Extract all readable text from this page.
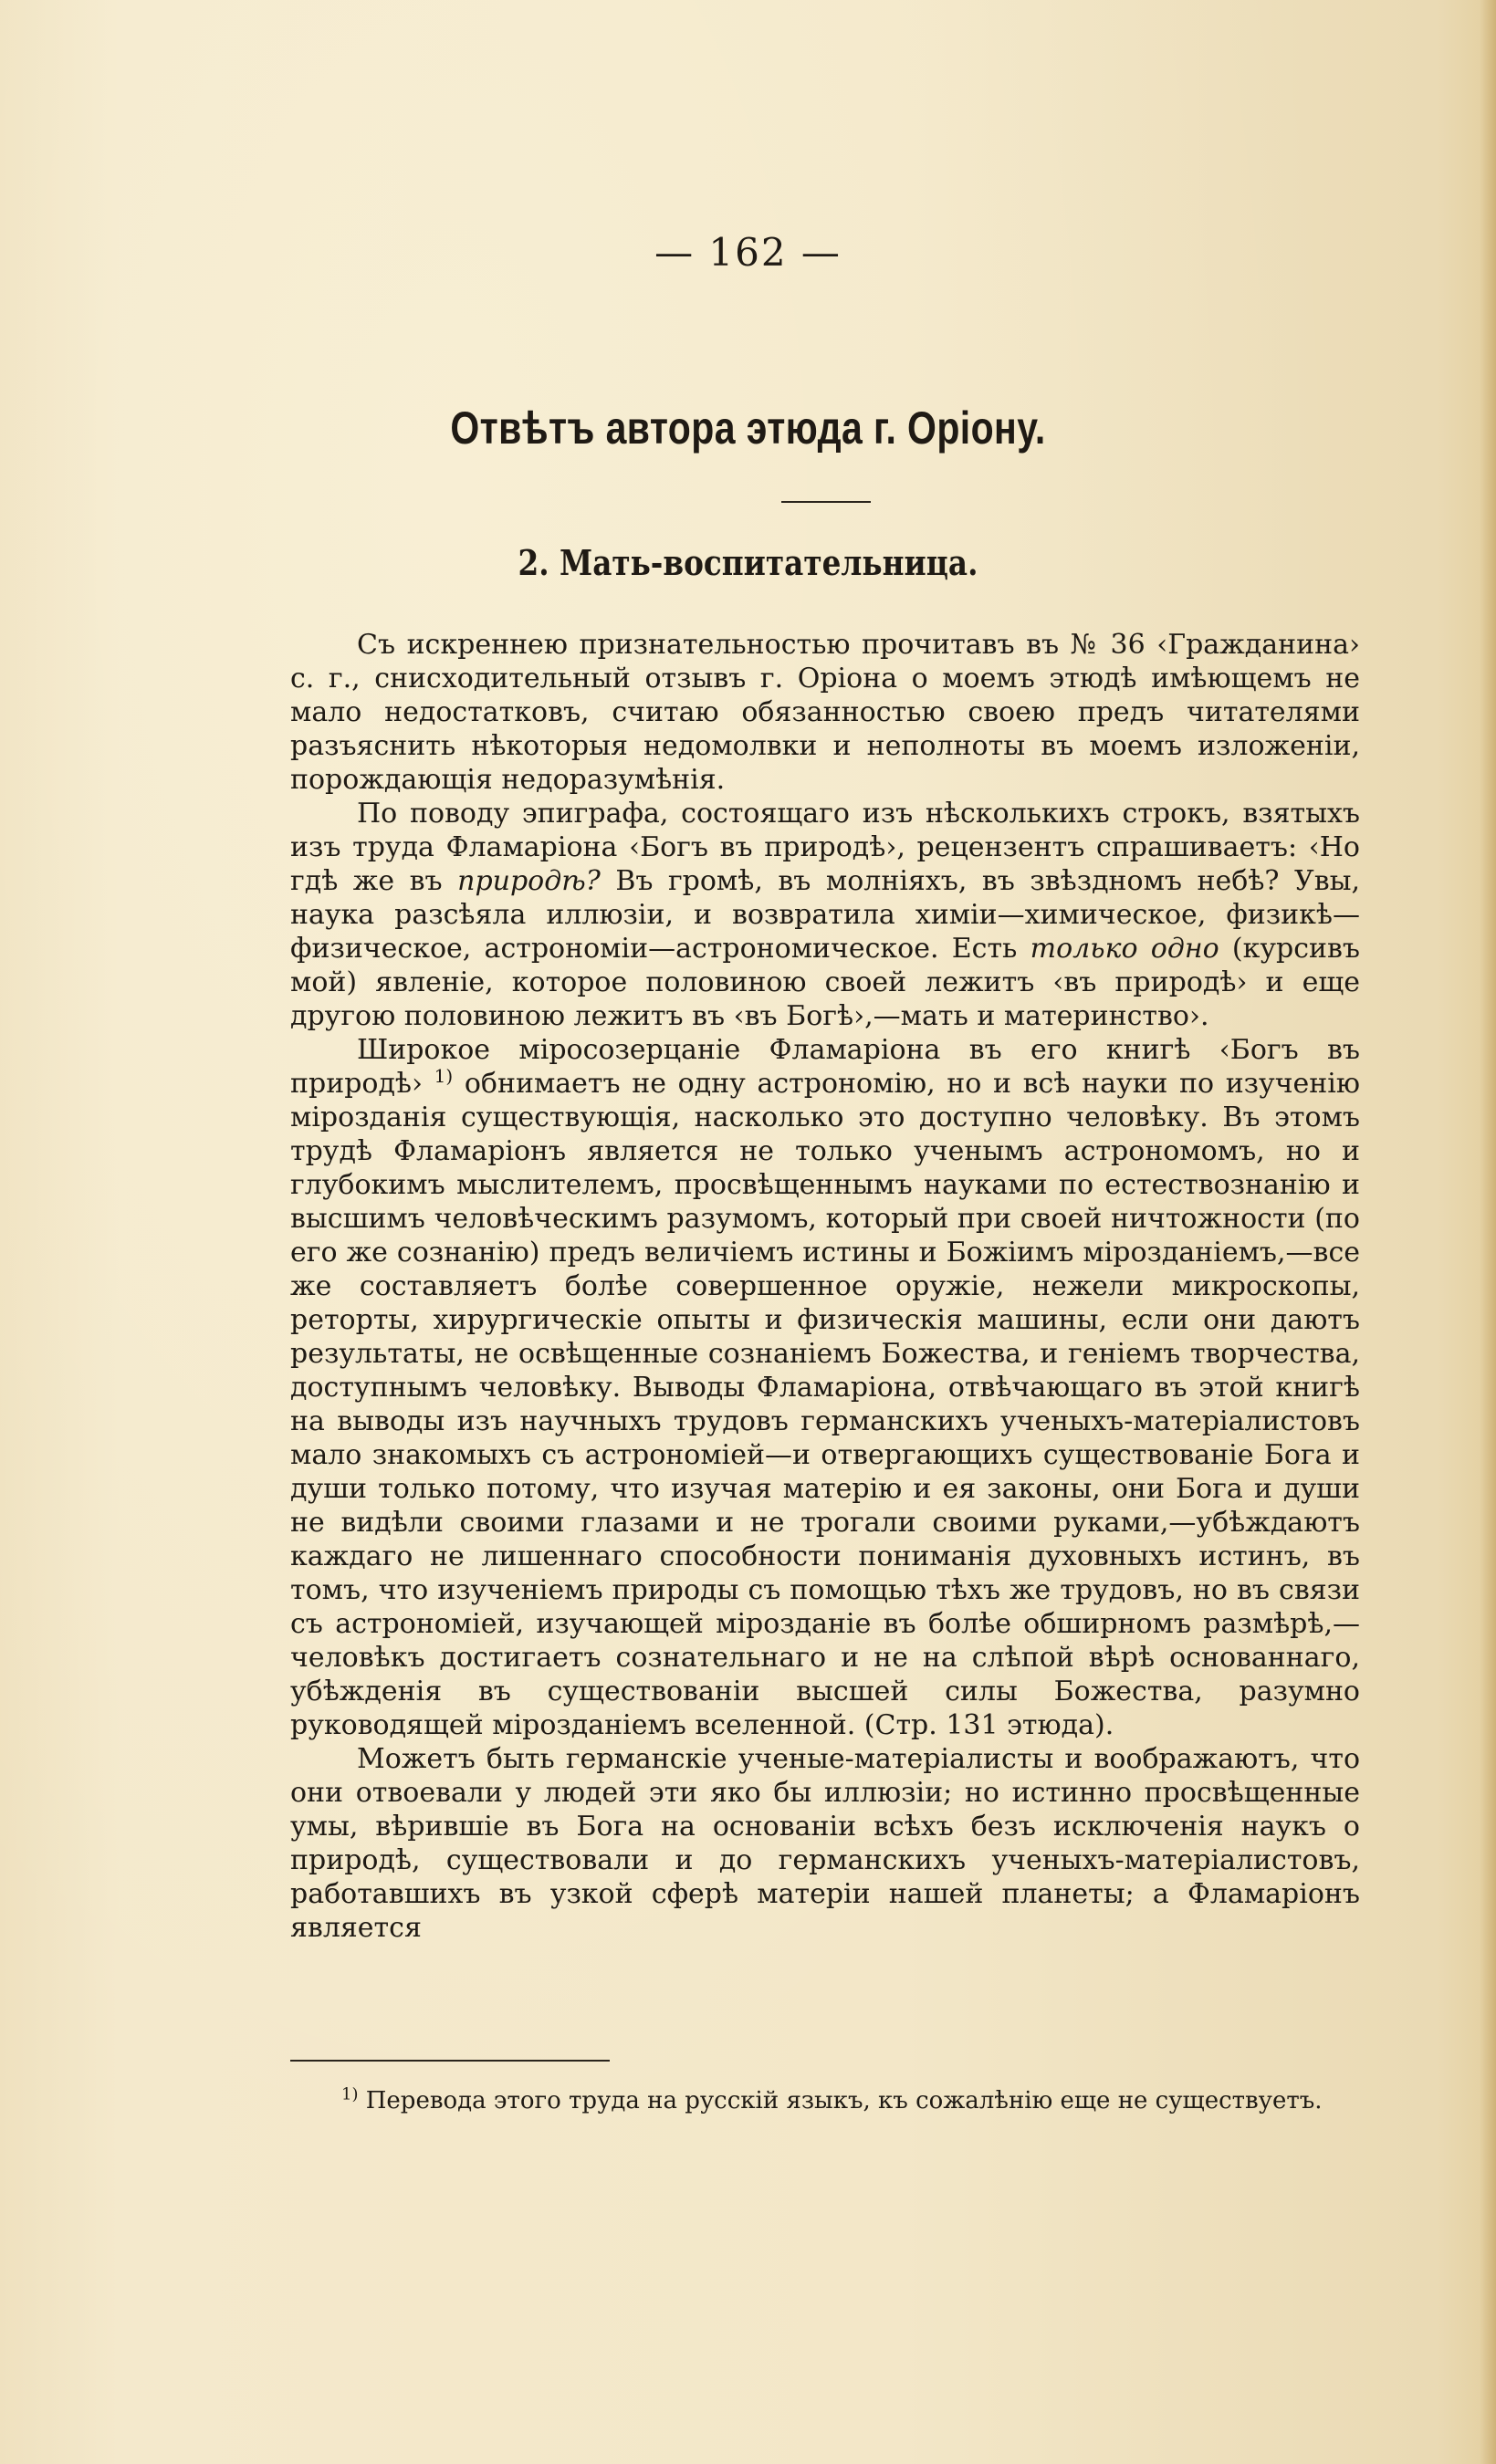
— 162 —
Отвѣтъ автора этюда г. Оріону.
2. Мать-воспитательница.

Съ искреннею признательностью прочитавъ въ № 36 ‹Гражданина› с. г., снисходительный отзывъ г. Оріона о моемъ этюдѣ имѣющемъ не мало недостатковъ, считаю обязанностью своею предъ читателями разъяснить нѣкоторыя недомолвки и неполноты въ моемъ изложеніи, порождающія недоразумѣнія.

По поводу эпиграфа, состоящаго изъ нѣсколькихъ строкъ, взятыхъ изъ труда Фламаріона ‹Богъ въ природѣ›, рецензентъ спрашиваетъ: ‹Но гдѣ же въ природѣ? Въ громѣ, въ молніяхъ, въ звѣздномъ небѣ? Увы, наука разсѣяла иллюзіи, и возвратила химіи—химическое, физикѣ—физическое, астрономіи—астрономическое. Есть только одно (курсивъ мой) явленіе, которое половиною своей лежитъ ‹въ природѣ› и еще другою половиною лежитъ въ ‹въ Богѣ›,—мать и материнство›.

Широкое міросозерцаніе Фламаріона въ его книгѣ ‹Богъ въ природѣ› $^{1)}$ обнимаетъ не одну астрономію, но и всѣ науки по изученію мірозданія существующія, насколько это доступно человѣку. Въ этомъ трудѣ Фламаріонъ является не только ученымъ астрономомъ, но и глубокимъ мыслителемъ, просвѣщеннымъ науками по естествознанію и высшимъ человѣческимъ разумомъ, который при своей ничтожности (по его же сознанію) предъ величіемъ истины и Божіимъ мірозданіемъ,—все же составляетъ болѣе совершенное оружіе, нежели микроскопы, реторты, хирургическіе опыты и физическія машины, если они даютъ результаты, не освѣщенные сознаніемъ Божества, и геніемъ творчества, доступнымъ человѣку. Выводы Фламаріона, отвѣчающаго въ этой книгѣ на выводы изъ научныхъ трудовъ германскихъ ученыхъ-матеріалистовъ мало знакомыхъ съ астрономіей—и отвергающихъ существованіе Бога и души только потому, что изучая матерію и ея законы, они Бога и души не видѣли своими глазами и не трогали своими руками,—убѣждаютъ каждаго не лишеннаго способности пониманія духовныхъ истинъ, въ томъ, что изученіемъ природы съ помощью тѣхъ же трудовъ, но въ связи съ астрономіей, изучающей мірозданіе въ болѣе обширномъ размѣрѣ,—человѣкъ достигаетъ сознательнаго и не на слѣпой вѣрѣ основаннаго, убѣжденія въ существованіи высшей силы Божества, разумно руководящей мірозданіемъ вселенной. (Стр. 131 этюда).

Можетъ быть германскіе ученые-матеріалисты и воображаютъ, что они отвоевали у людей эти яко бы иллюзіи; но истинно просвѣщенные умы, вѣрившіе въ Бога на основаніи всѣхъ безъ исключенія наукъ о природѣ, существовали и до германскихъ ученыхъ-матеріалистовъ, работавшихъ въ узкой сферѣ матеріи нашей планеты; а Фламаріонъ является

$^{1)}$ Перевода этого труда на русскій языкъ, къ сожалѣнію еще не существуетъ.
